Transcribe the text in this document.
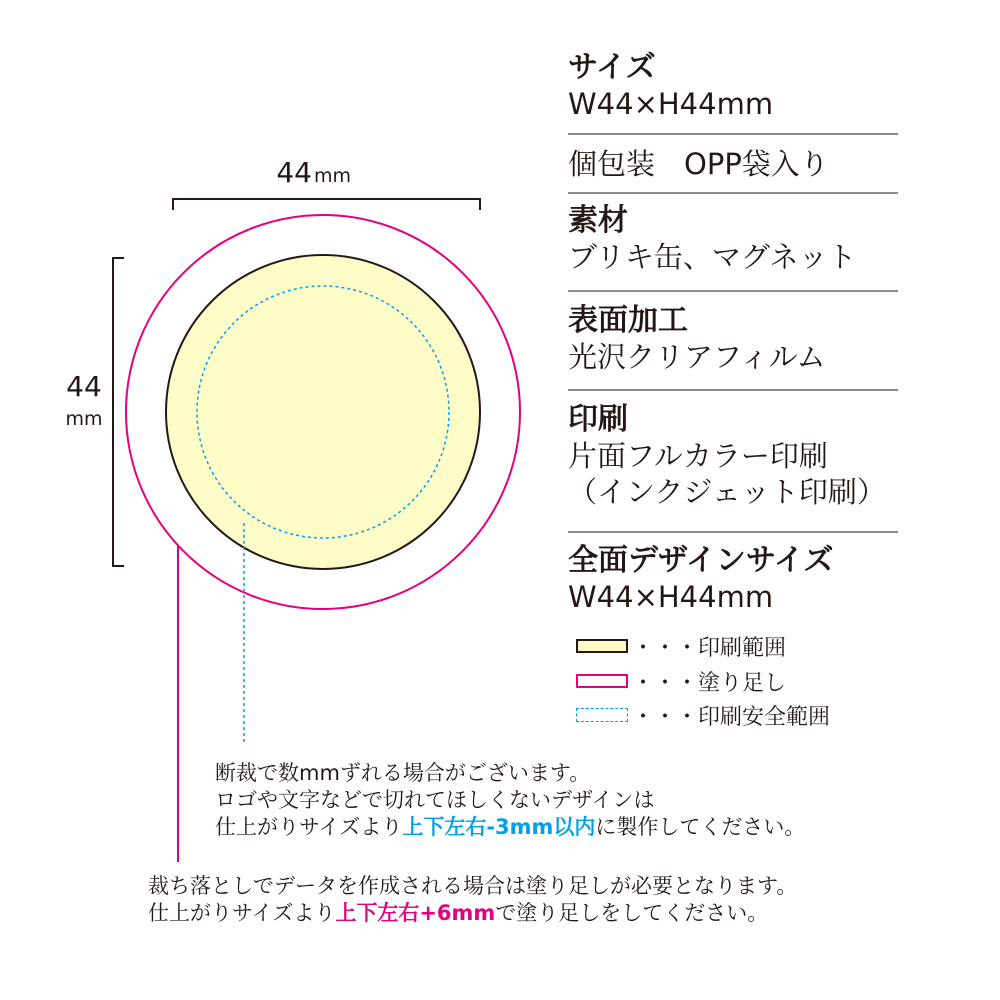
44 mm
44
mm
サイズ
W44×H44mm
個包装　OPP袋入り
素材
ブリキ缶、マグネット
表面加工
光沢クリアフィルム
印刷
片面フルカラー印刷
（インクジェット印刷）
全面デザインサイズ
W44×H44mm
・・・印刷範囲
・・・塗り足し
・・・印刷安全範囲
断裁で数mmずれる場合がございます。
ロゴや文字などで切れてほしくないデザインは
仕上がりサイズより上下左右-3mm以内に製作してください。
裁ち落としでデータを作成される場合は塗り足しが必要となります。
仕上がりサイズより上下左右+6mmで塗り足しをしてください。
